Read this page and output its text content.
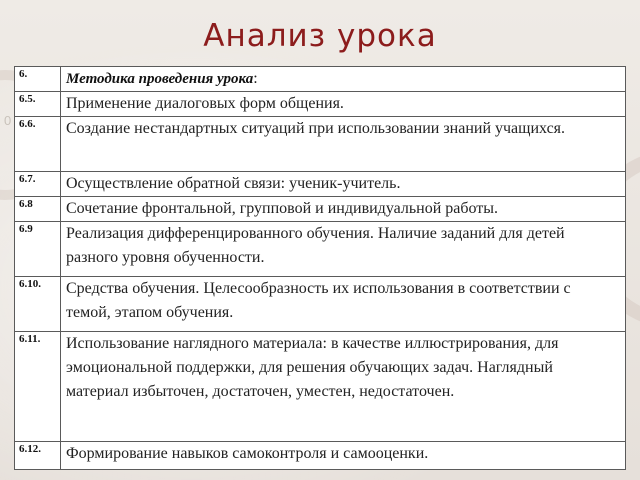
Анализ урока
0
6.	Методика проведения урока:
6.5.	Применение диалоговых форм общения.
6.6.	Создание нестандартных ситуаций при использовании знаний учащихся.
6.7.	Осуществление обратной связи: ученик-учитель.
6.8	Сочетание фронтальной, групповой и индивидуальной работы.
6.9	Реализация дифференцированного обучения. Наличие заданий для детей разного уровня обученности.
6.10.	Средства обучения. Целесообразность их использования в соответствии с темой, этапом обучения.
6.11.	Использование наглядного материала: в качестве иллюстрирования, для эмоциональной поддержки, для решения обучающих задач. Наглядный материал избыточен, достаточен, уместен, недостаточен.
6.12.	Формирование навыков самоконтроля и самооценки.
